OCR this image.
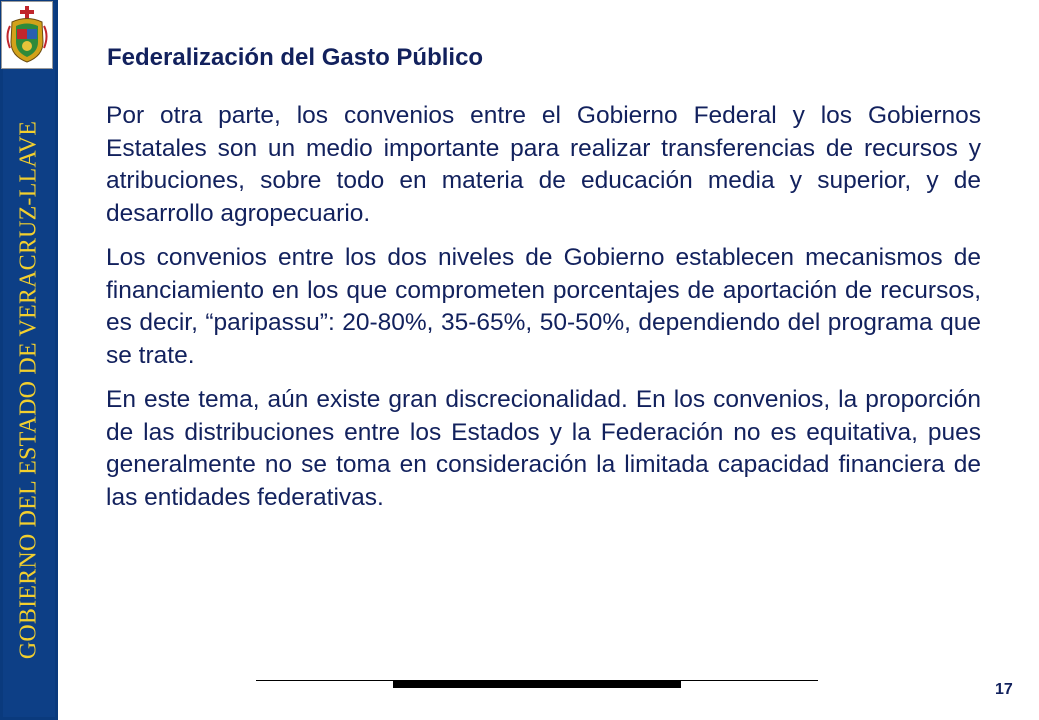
GOBIERNO DEL ESTADO DE VERACRUZ-LLAVE
Federalización del Gasto Público

Por otra parte, los convenios entre el Gobierno Federal y los Gobiernos Estatales son un medio importante para realizar transferencias de recursos y atribuciones, sobre todo en materia de educación media y superior, y de desarrollo agropecuario.

Los convenios entre los dos niveles de Gobierno establecen mecanismos de financiamiento en los que comprometen porcentajes de aportación de recursos, es decir, “paripassu”: 20-80%, 35-65%, 50-50%, dependiendo del programa que se trate.

En este tema, aún existe gran discrecionalidad. En los convenios, la proporción de las distribuciones entre los Estados y la Federación no es equitativa, pues generalmente no se toma en consideración la limitada capacidad financiera de las entidades federativas.

17
